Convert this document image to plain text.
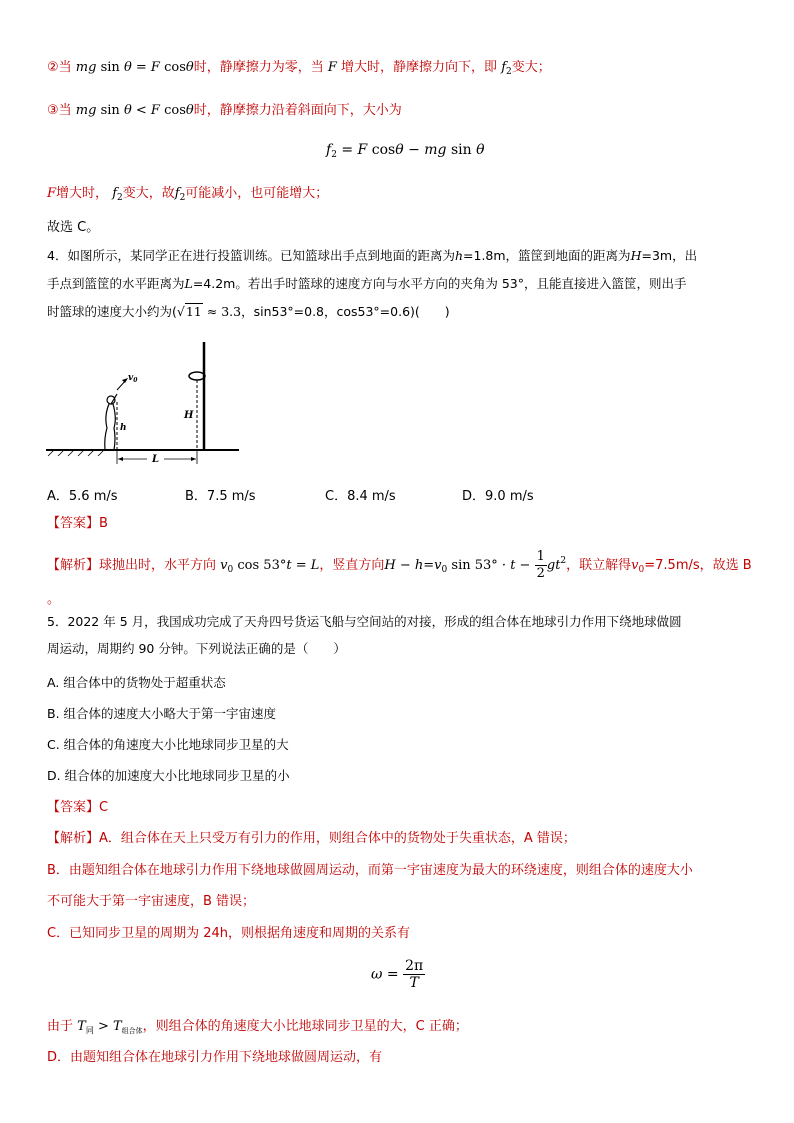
②当 mg sin θ = F cosθ时，静摩擦力为零，当 F 增大时，静摩擦力向下，即 $f_2$变大；
③当 mg sin θ < F cosθ时，静摩擦力沿着斜面向下，大小为
$f_2 = F$ cosθ − mg sin θ
F增大时， $f_2$变大，故$f_2$可能减小，也可能增大；
故选 C。
4．如图所示，某同学正在进行投篮训练。已知篮球出手点到地面的距离为h=1.8m，篮筐到地面的距离为H=3m，出
手点到篮筐的水平距离为L=4.2m。若出手时篮球的速度方向与水平方向的夹角为 53°，且能直接进入篮筐，则出手
时篮球的速度大小约为(√11 ≈ 3.3，sin53°=0.8，cos53°=0.6)(　　)
H
$v_0$
h
L
A．5.6 m/s	B．7.5 m/s	C．8.4 m/s	D．9.0 m/s
【答案】B
【解析】球抛出时，水平方向 $v_0$ cos 53°t = L，竖直方向$H - h=v_0$ $\sin 53^\circ \cdot t - \frac{1}{2} gt^2$，联立解得$v_0=7.5m/s$，故选 B
。
5．2022 年 5 月，我国成功完成了天舟四号货运飞船与空间站的对接，形成的组合体在地球引力作用下绕地球做圆
周运动，周期约 90 分钟。下列说法正确的是（　　）
A. 组合体中的货物处于超重状态
B. 组合体的速度大小略大于第一宇宙速度
C. 组合体的角速度大小比地球同步卫星的大
D. 组合体的加速度大小比地球同步卫星的小
【答案】C
【解析】A．组合体在天上只受万有引力的作用，则组合体中的货物处于失重状态，A 错误；
B．由题知组合体在地球引力作用下绕地球做圆周运动，而第一宇宙速度为最大的环绕速度，则组合体的速度大小
不可能大于第一宇宙速度，B 错误；
C．已知同步卫星的周期为 24h，则根据角速度和周期的关系有
$\omega = \frac{2\pi}{T}$
由于 $T_同 > T_{组合体}$，则组合体的角速度大小比地球同步卫星的大，C 正确；
D．由题知组合体在地球引力作用下绕地球做圆周运动，有
